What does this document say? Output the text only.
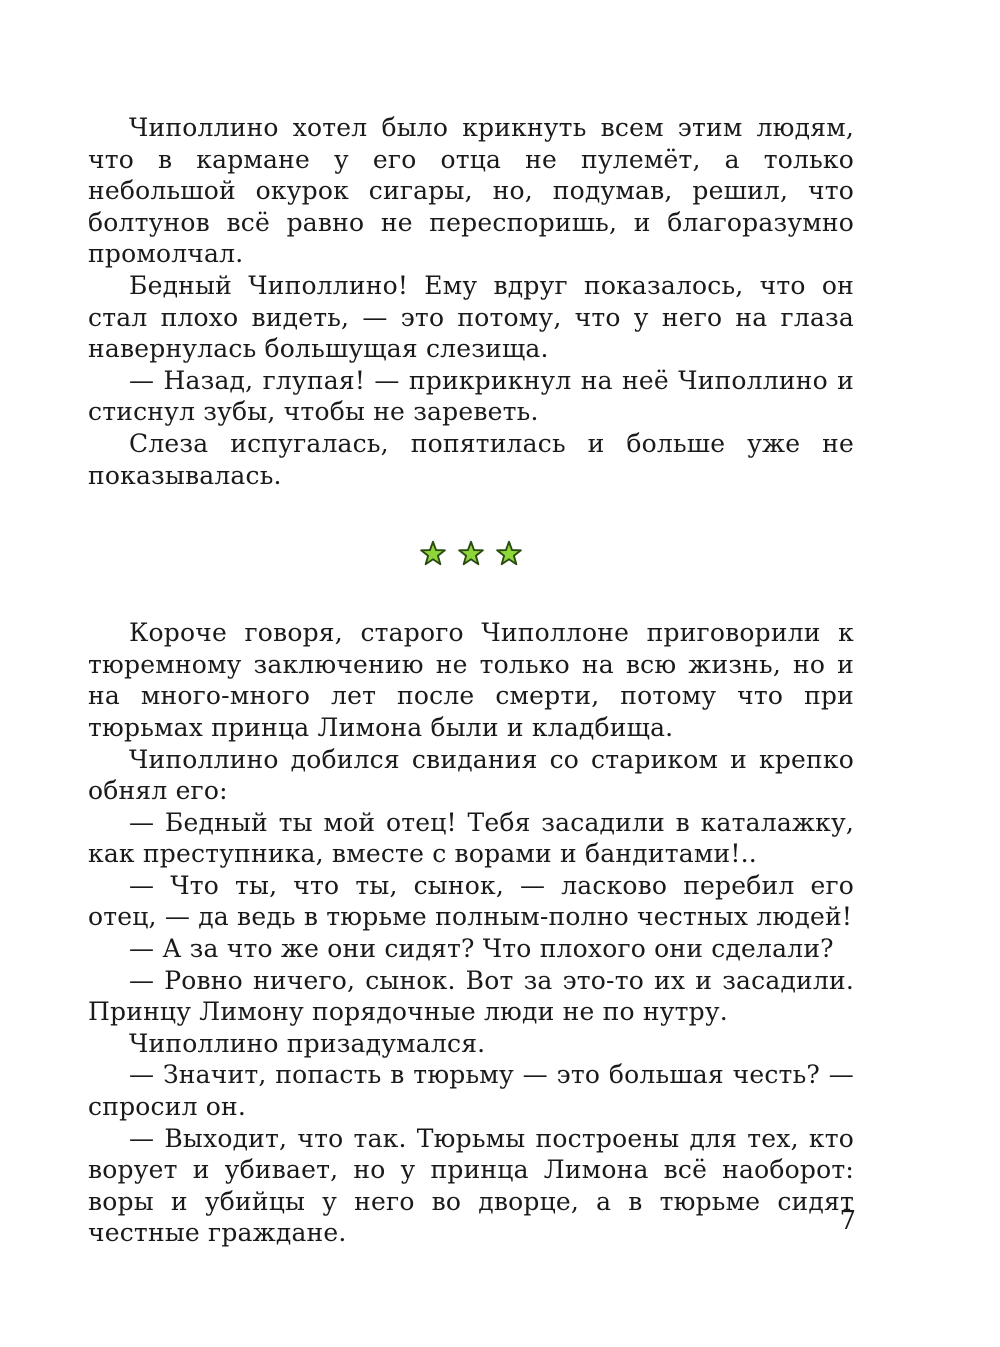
Чиполлино хотел было крикнуть всем этим людям, что в кармане у его отца не пулемёт, а только небольшой окурок сигары, но, подумав, решил, что болтунов всё равно не переспоришь, и благоразумно промолчал.

Бедный Чиполлино! Ему вдруг показалось, что он стал плохо видеть, — это потому, что у него на глаза навернулась большущая слезища.

— Назад, глупая! — прикрикнул на неё Чиполлино и стиснул зубы, чтобы не зареветь.

Слеза испугалась, попятилась и больше уже не показывалась.

Короче говоря, старого Чиполлоне приговорили к тюремному заключению не только на всю жизнь, но и на много-много лет после смерти, потому что при тюрьмах принца Лимона были и кладбища.

Чиполлино добился свидания со стариком и крепко обнял его:

— Бедный ты мой отец! Тебя засадили в каталажку, как преступника, вместе с ворами и бандитами!..

— Что ты, что ты, сынок, — ласково перебил его отец, — да ведь в тюрьме полным-полно честных людей!

— А за что же они сидят? Что плохого они сделали?

— Ровно ничего, сынок. Вот за это-то их и засадили. Принцу Лимону порядочные люди не по нутру.

Чиполлино призадумался.

— Значит, попасть в тюрьму — это большая честь? — спросил он.

— Выходит, что так. Тюрьмы построены для тех, кто ворует и убивает, но у принца Лимона всё наоборот: воры и убийцы у него во дворце, а в тюрьме сидят честные граждане.	7
